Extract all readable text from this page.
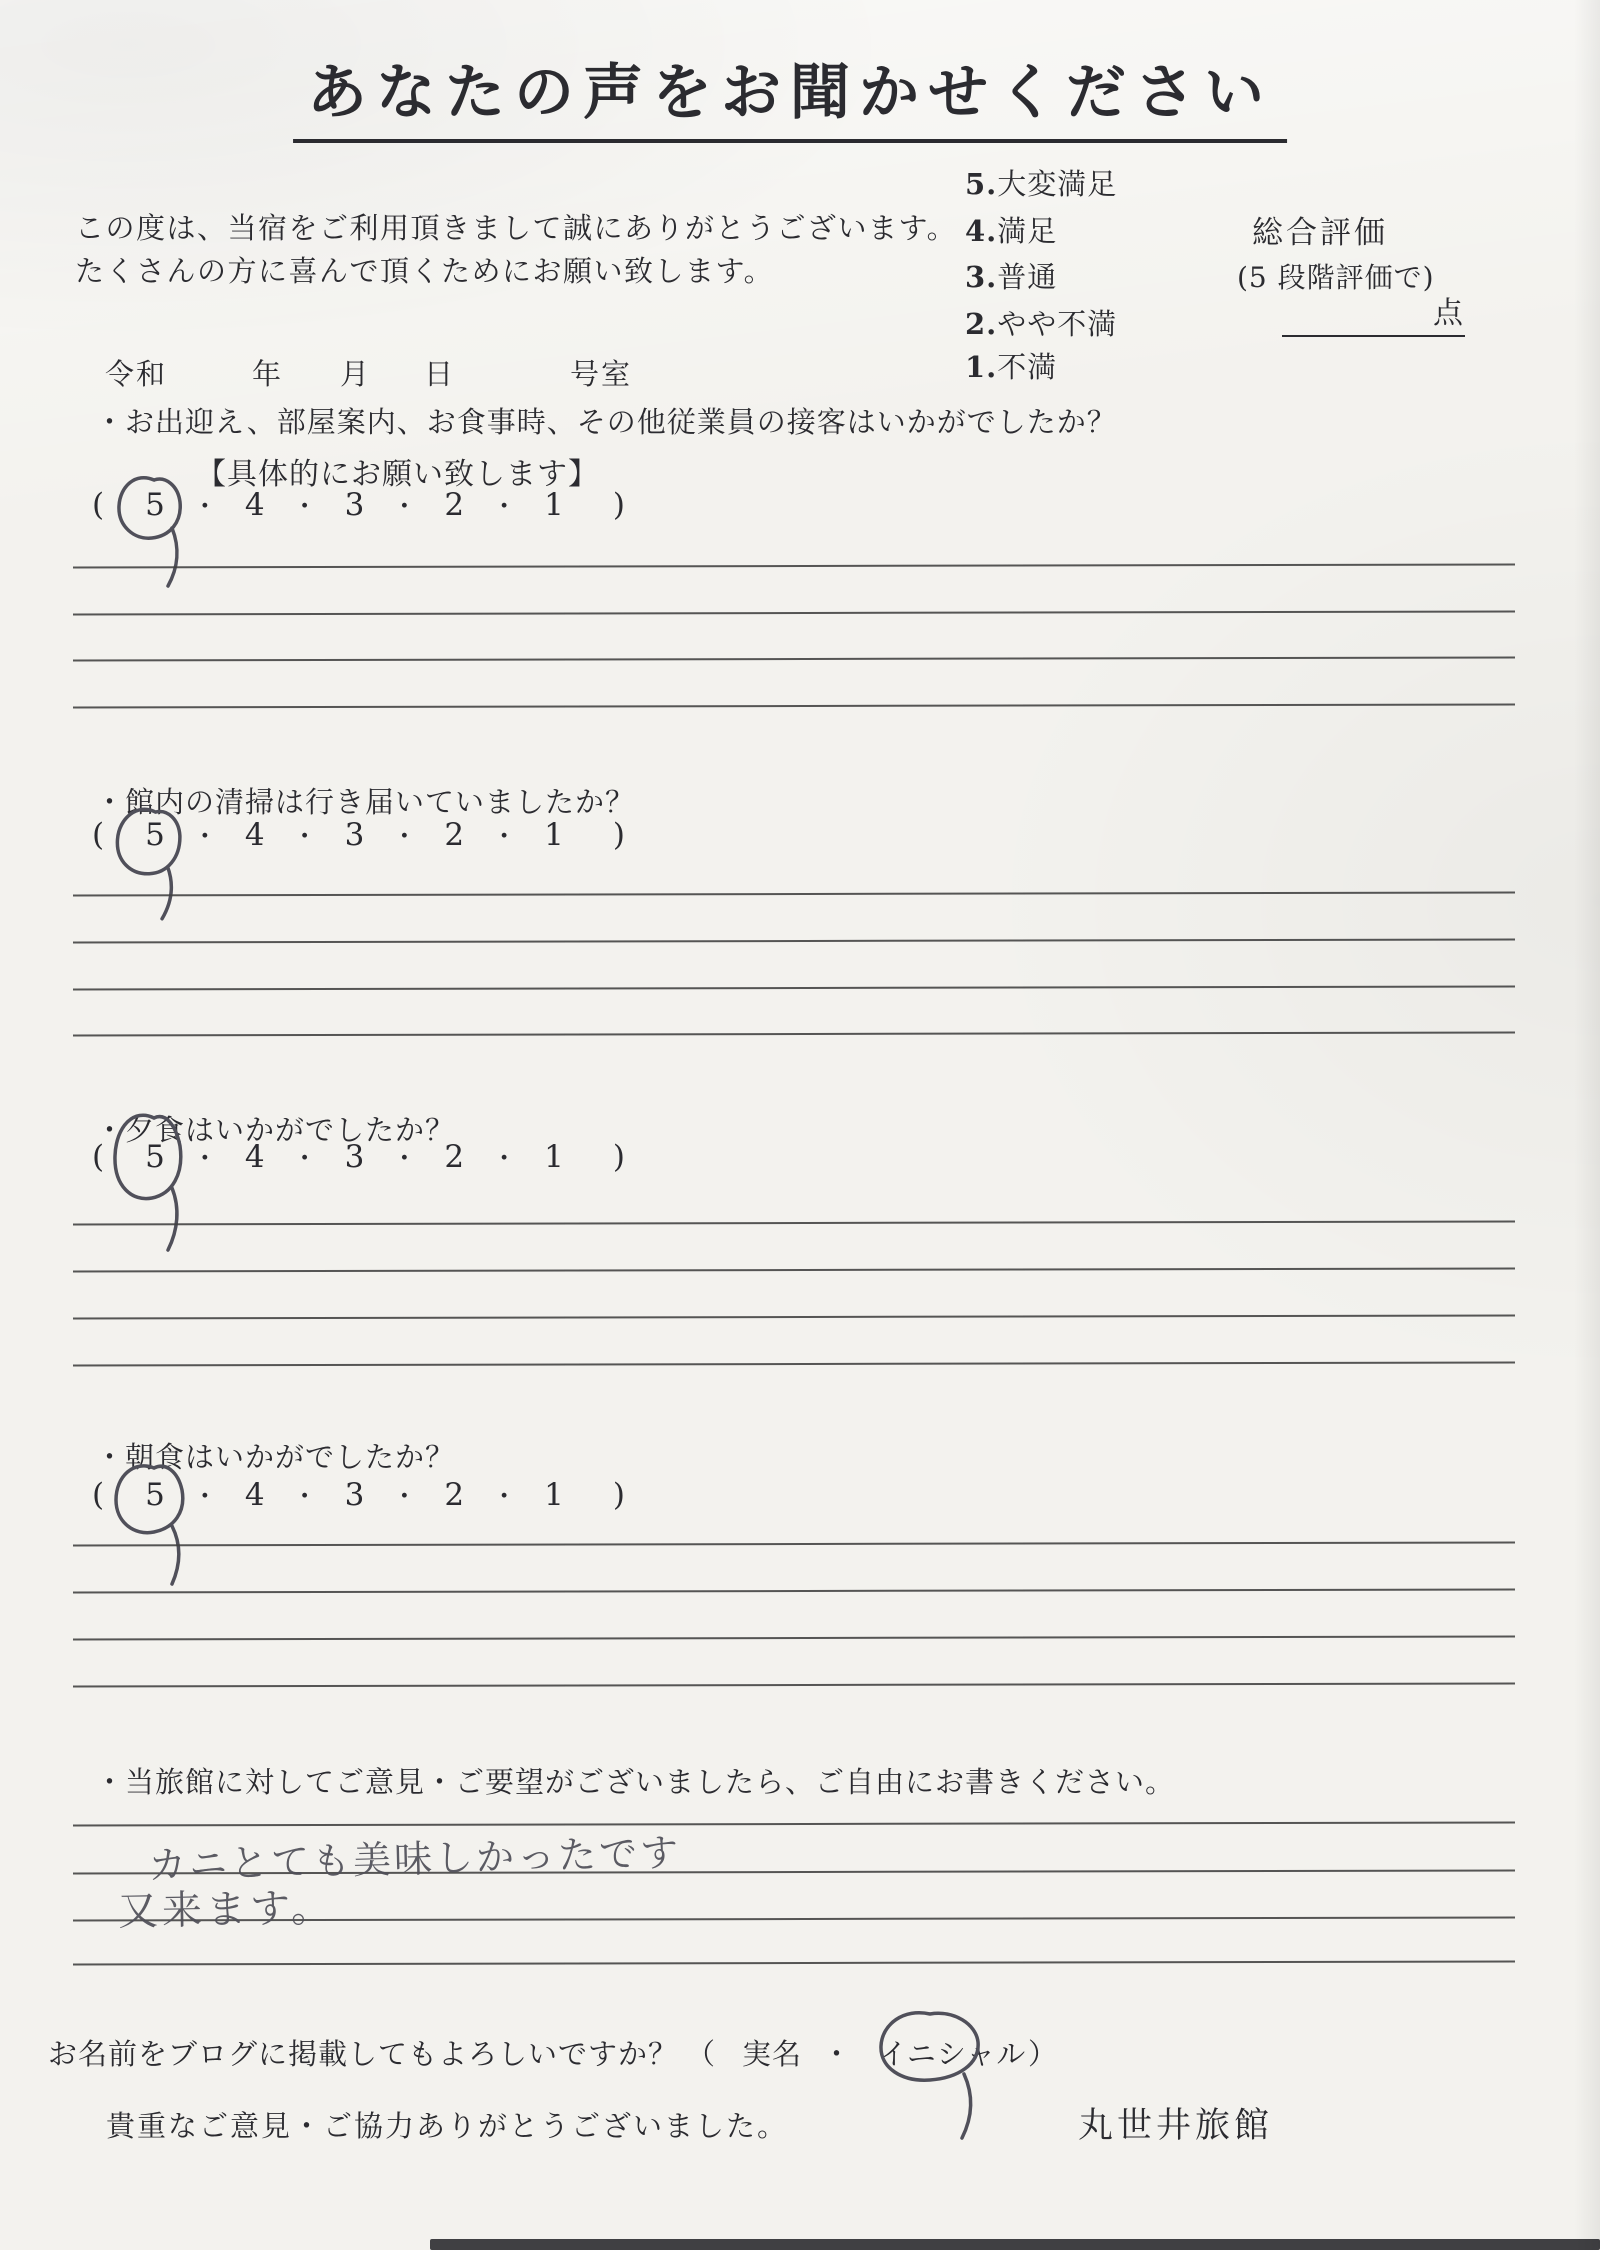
あなたの声をお聞かせください
この度は、当宿をご利用頂きまして誠にありがとうございます。
たくさんの方に喜んで頂くためにお願い致します。
5.大変満足
4.満足
3.普通
2.やや不満
1.不満
総合評価
(5 段階評価で)
点
令和	年 月 日	号室
・お出迎え、部屋案内、お食事時、その他従業員の接客はいかがでしたか？
【具体的にお願い致します】
( 5 ・ 4 ・ 3 ・ 2 ・ 1 )
・館内の清掃は行き届いていましたか？
( 5 ・ 4 ・ 3 ・ 2 ・ 1 )
・夕食はいかがでしたか？
( 5 ・ 4 ・ 3 ・ 2 ・ 1 )
・朝食はいかがでしたか？
( 5 ・ 4 ・ 3 ・ 2 ・ 1 )
・当旅館に対してご意見・ご要望がございましたら、ご自由にお書きください。
カニとても美味しかったです
又来ます。
お名前をブログに掲載してもよろしいですか？ （ 実名 ・ イニシャル ）
貴重なご意見・ご協力ありがとうございました。	丸世井旅館
